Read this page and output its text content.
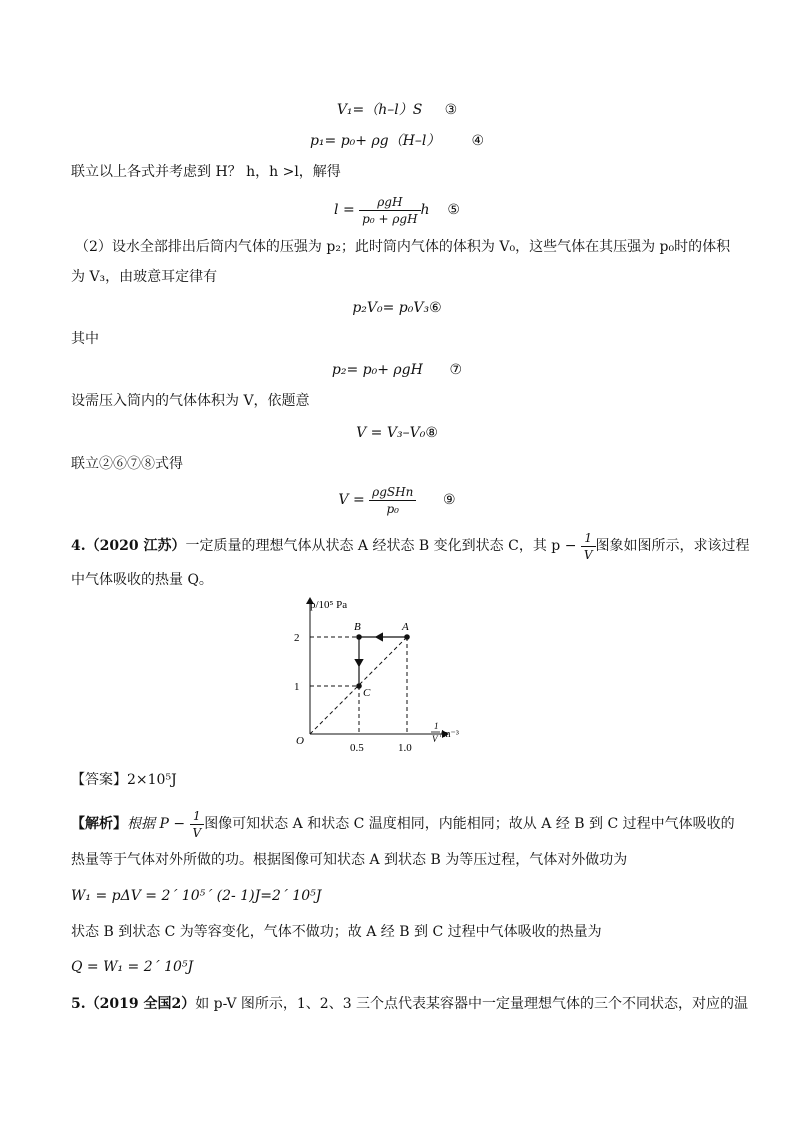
V₁=（h–l）S ③
p₁= p₀+ ρg（H–l） ④
联立以上各式并考虑到 H？ h，h >l，解得
$l = \frac{\text{ρgH}}{\text{p₀ + ρgH}}$ h ⑤
（2）设水全部排出后筒内气体的压强为 p₂；此时筒内气体的体积为 V₀，这些气体在其压强为 p₀时的体积
为 V₃，由玻意耳定律有
p₂V₀= p₀V₃⑥
其中
p₂= p₀+ ρgH ⑦
设需压入筒内的气体体积为 V，依题意
V = V₃–V₀⑧
联立②⑥⑦⑧式得
$V = \frac{\text{ρgSHn}}{\text{p₀}}$ ⑨
4.（2020 江苏）一定质量的理想气体从状态 A 经状态 B 变化到状态 C，其 $p - \frac{1}{V}$ 图象如图所示，求该过程
中气体吸收的热量 Q。
A
B
C
p/10⁵ Pa
2
1
O
0.5	1.0
1
V /m⁻³
【答案】2×10⁵J
【解析】根据 $P - \frac{1}{V}$ 图像可知状态 A 和状态 C 温度相同，内能相同；故从 A 经 B 到 C 过程中气体吸收的
热量等于气体对外所做的功。根据图像可知状态 A 到状态 B 为等压过程，气体对外做功为
W₁ = pΔV = 2´ 10⁵´ (2- 1)J=2´ 10⁵J
状态 B 到状态 C 为等容变化，气体不做功；故 A 经 B 到 C 过程中气体吸收的热量为
Q = W₁ = 2´ 10⁵J
5.（2019 全国2）如 p-V 图所示，1、2、3 三个点代表某容器中一定量理想气体的三个不同状态，对应的温
